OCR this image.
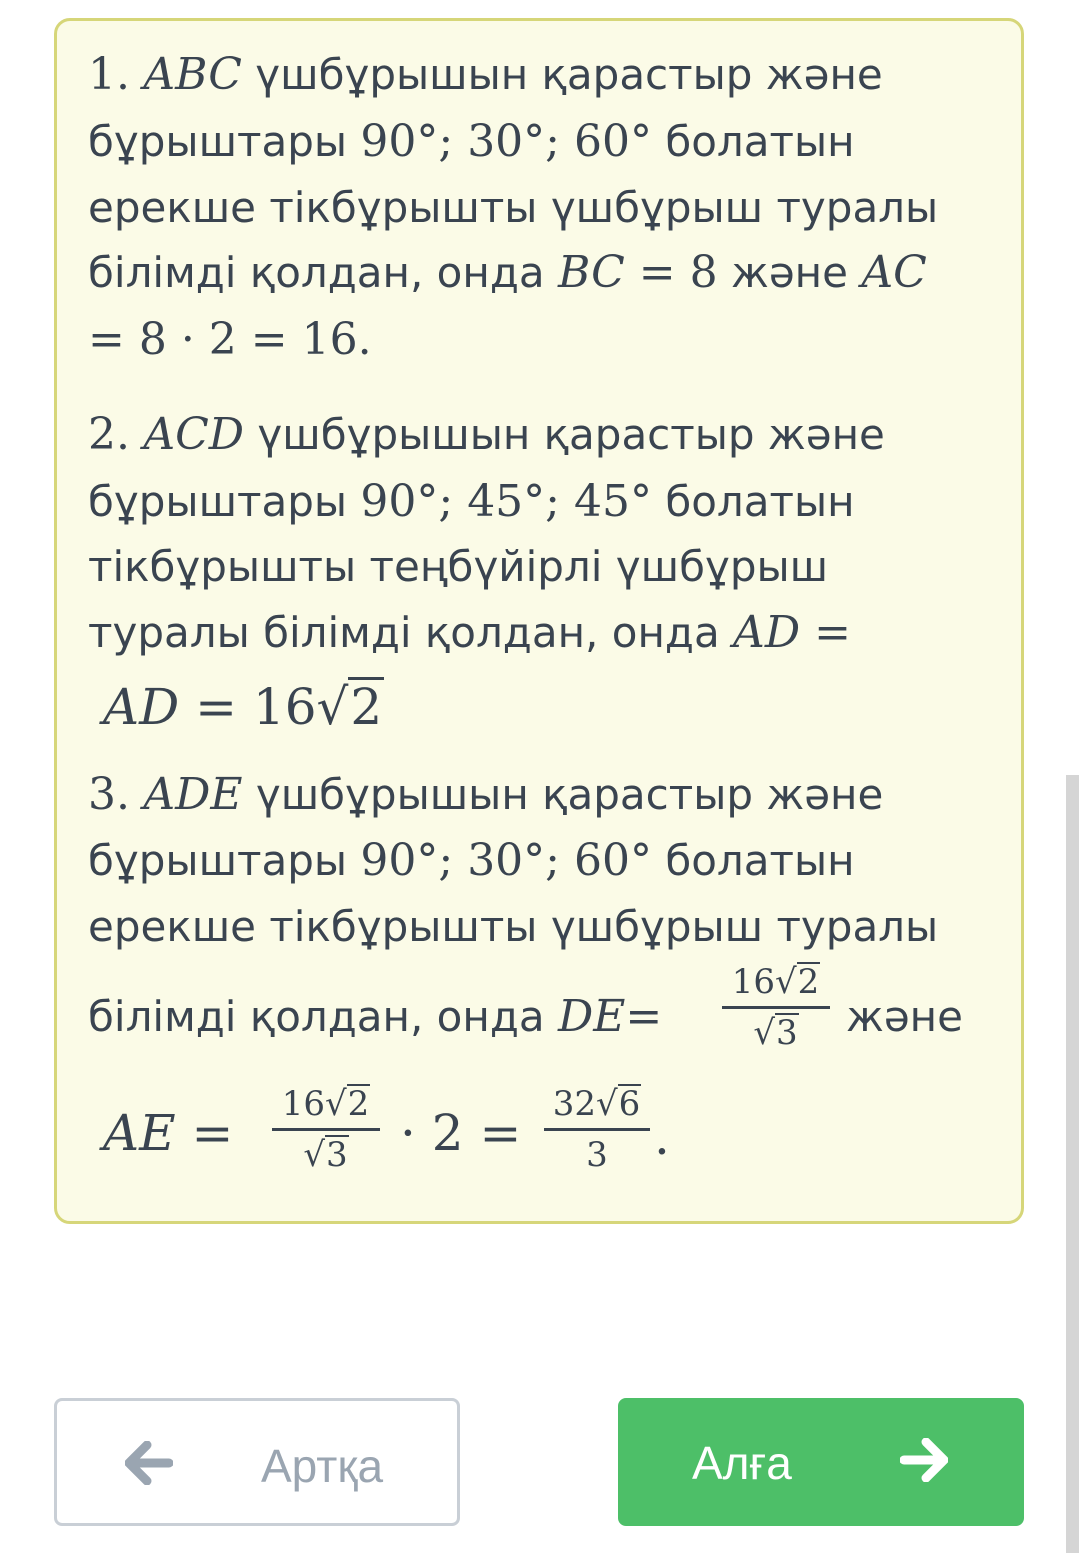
1. ABC үшбұрышын қарастыр және
бұрыштары 90°; 30°; 60° болатын
ерекше тікбұрышты үшбұрыш туралы
білімді қолдан, онда BC = 8 және AC
= 8 · 2 = 16.
2. ACD үшбұрышын қарастыр және
бұрыштары 90°; 45°; 45° болатын
тікбұрышты теңбүйірлі үшбұрыш
туралы білімді қолдан, онда AD =
AD = 16√2
3. ADE үшбұрышын қарастыр және
бұрыштары 90°; 30°; 60° болатын
ерекше тікбұрышты үшбұрыш туралы
білімді қолдан, онда DE=
16√2
√3	және
AE = 16√2
√3	· 2 = 32√6
3 .
Артқа	Алға
